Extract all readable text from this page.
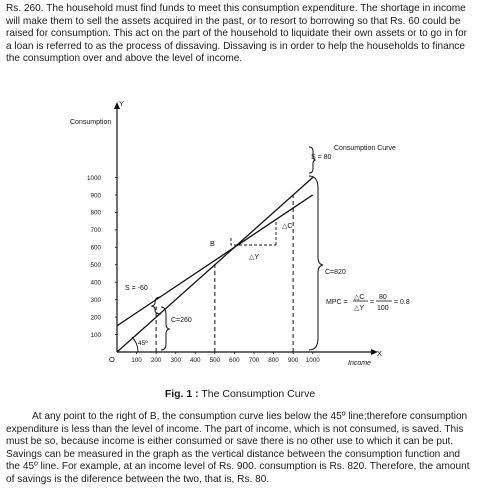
Rs. 260. The household must find funds to meet this consumption expenditure. The shortage in income will make them to sell the assets acquired in the past, or to resort to borrowing so that Rs. 60 could be raised for consumption. This act on the part of the household to liquidate their own assets or to go in for a loan is referred to as the process of dissaving. Dissaving is in order to help the households to finance the consumption over and above the level of income.

100 200 300 400 500 600 700 800 900 1000
100
200
300
400
500
600
700
800
900
1000
Consumption
Income
Y
X
O
Consumption Curve
B
S = -60
S = 80
C=260
C=820
△C
△Y
45º
MPC =
△C
△Y
=
80
100
= 0.8
Fig. 1 : The Consumption Curve

At any point to the right of B, the consumption curve lies below the 45º line;therefore consumption expenditure is less than the level of income. The part of income, which is not consumed, is saved. This must be so, because income is either consumed or save there is no other use to which it can be put. Savings can be measured in the graph as the vertical distance between the consumption function and the 45º line. For example, at an income level of Rs. 900. consumption is Rs. 820. Therefore, the amount of savings is the diference between the two, that is, Rs. 80.
